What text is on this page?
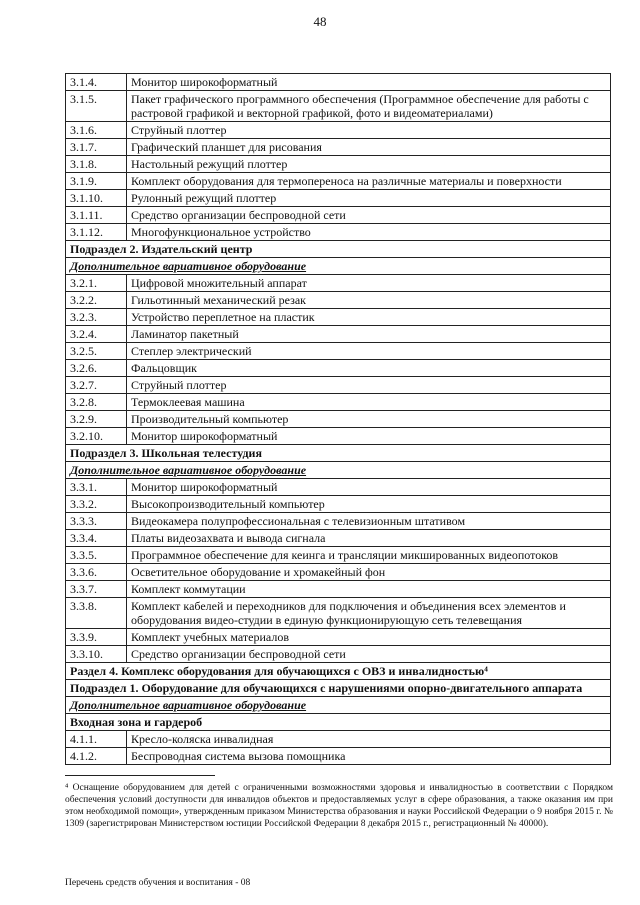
48
3.1.4.	Монитор широкоформатный
3.1.5.	Пакет графического программного обеспечения (Программное обеспечение для работы с растровой графикой и векторной графикой, фото и видеоматериалами)
3.1.6.	Струйный плоттер
3.1.7.	Графический планшет для рисования
3.1.8.	Настольный режущий плоттер
3.1.9.	Комплект оборудования для термопереноса на различные материалы и поверхности
3.1.10.	Рулонный режущий плоттер
3.1.11.	Средство организации беспроводной сети
3.1.12.	Многофункциональное устройство
Подраздел 2. Издательский центр	
Дополнительное вариативное оборудование	
3.2.1.	Цифровой множительный аппарат
3.2.2.	Гильотинный механический резак
3.2.3.	Устройство переплетное на пластик
3.2.4.	Ламинатор пакетный
3.2.5.	Степлер электрический
3.2.6.	Фальцовщик
3.2.7.	Струйный плоттер
3.2.8.	Термоклеевая машина
3.2.9.	Производительный компьютер
3.2.10.	Монитор широкоформатный
Подраздел 3. Школьная телестудия	
Дополнительное вариативное оборудование	
3.3.1.	Монитор широкоформатный
3.3.2.	Высокопроизводительный компьютер
3.3.3.	Видеокамера полупрофессиональная с телевизионным штативом
3.3.4.	Платы видеозахвата и вывода сигнала
3.3.5.	Программное обеспечение для кеинга и трансляции микшированных видеопотоков
3.3.6.	Осветительное оборудование и хромакейный фон
3.3.7.	Комплект коммутации
3.3.8.	Комплект кабелей и переходников для подключения и объединения всех элементов и оборудования видео-студии в единую функционирующую сеть телевещания
3.3.9.	Комплект учебных материалов
3.3.10.	Средство организации беспроводной сети
Раздел 4. Комплекс оборудования для обучающихся с ОВЗ и инвалидностью⁴	
Подраздел 1. Оборудование для обучающихся с нарушениями опорно-двигательного аппарата	
Дополнительное вариативное оборудование	
Входная зона и гардероб	
4.1.1.	Кресло-коляска инвалидная
4.1.2.	Беспроводная система вызова помощника
⁴ Оснащение оборудованием для детей с ограниченными возможностями здоровья и инвалидностью в соответствии с Порядком обеспечения условий доступности для инвалидов объектов и предоставляемых услуг в сфере образования, а также оказания им при этом необходимой помощи», утвержденным приказом Министерства образования и науки Российской Федерации о 9 ноября 2015 г. № 1309 (зарегистрирован Министерством юстиции Российской Федерации 8 декабря 2015 г., регистрационный № 40000).
Перечень средств обучения и воспитания - 08
